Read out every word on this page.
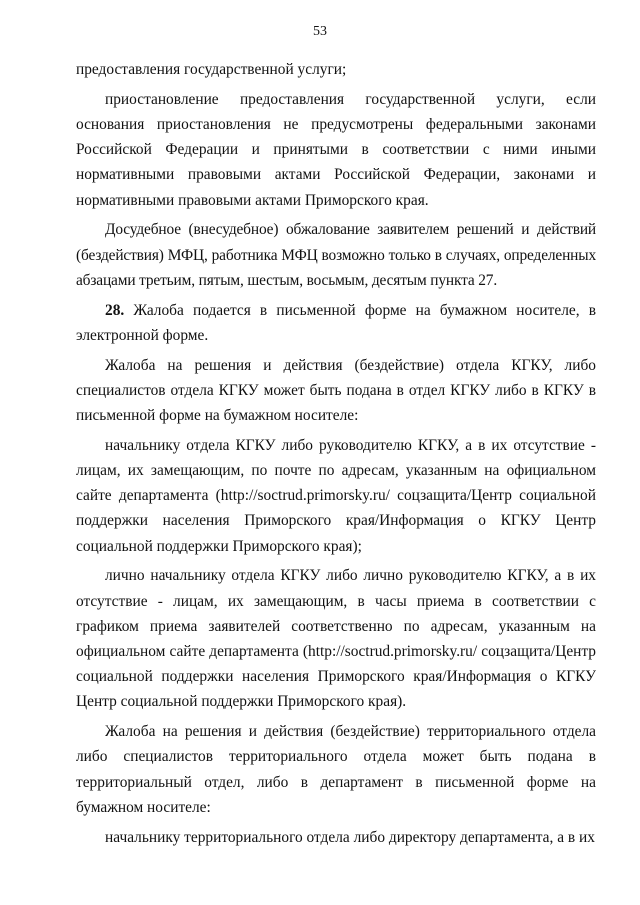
53

предоставления государственной услуги;

приостановление предоставления государственной услуги, если основания приостановления не предусмотрены федеральными законами Российской Федерации и принятыми в соответствии с ними иными нормативными правовыми актами Российской Федерации, законами и нормативными правовыми актами Приморского края.

Досудебное (внесудебное) обжалование заявителем решений и действий (бездействия) МФЦ, работника МФЦ возможно только в случаях, определенных абзацами третьим, пятым, шестым, восьмым, десятым пункта 27.

28. Жалоба подается в письменной форме на бумажном носителе, в электронной форме.

Жалоба на решения и действия (бездействие) отдела КГКУ, либо специалистов отдела КГКУ может быть подана в отдел КГКУ либо в КГКУ в письменной форме на бумажном носителе:

начальнику отдела КГКУ либо руководителю КГКУ, а в их отсутствие - лицам, их замещающим, по почте по адресам, указанным на официальном сайте департамента (http://soctrud.primorsky.ru/ соцзащита/Центр социальной поддержки населения Приморского края/Информация о КГКУ Центр социальной поддержки Приморского края);

лично начальнику отдела КГКУ либо лично руководителю КГКУ, а в их отсутствие - лицам, их замещающим, в часы приема в соответствии с графиком приема заявителей соответственно по адресам, указанным на официальном сайте департамента (http://soctrud.primorsky.ru/ соцзащита/Центр социальной поддержки населения Приморского края/Информация о КГКУ Центр социальной поддержки Приморского края).

Жалоба на решения и действия (бездействие) территориального отдела либо специалистов территориального отдела может быть подана в территориальный отдел, либо в департамент в письменной форме на бумажном носителе:

начальнику территориального отдела либо директору департамента, а в их
